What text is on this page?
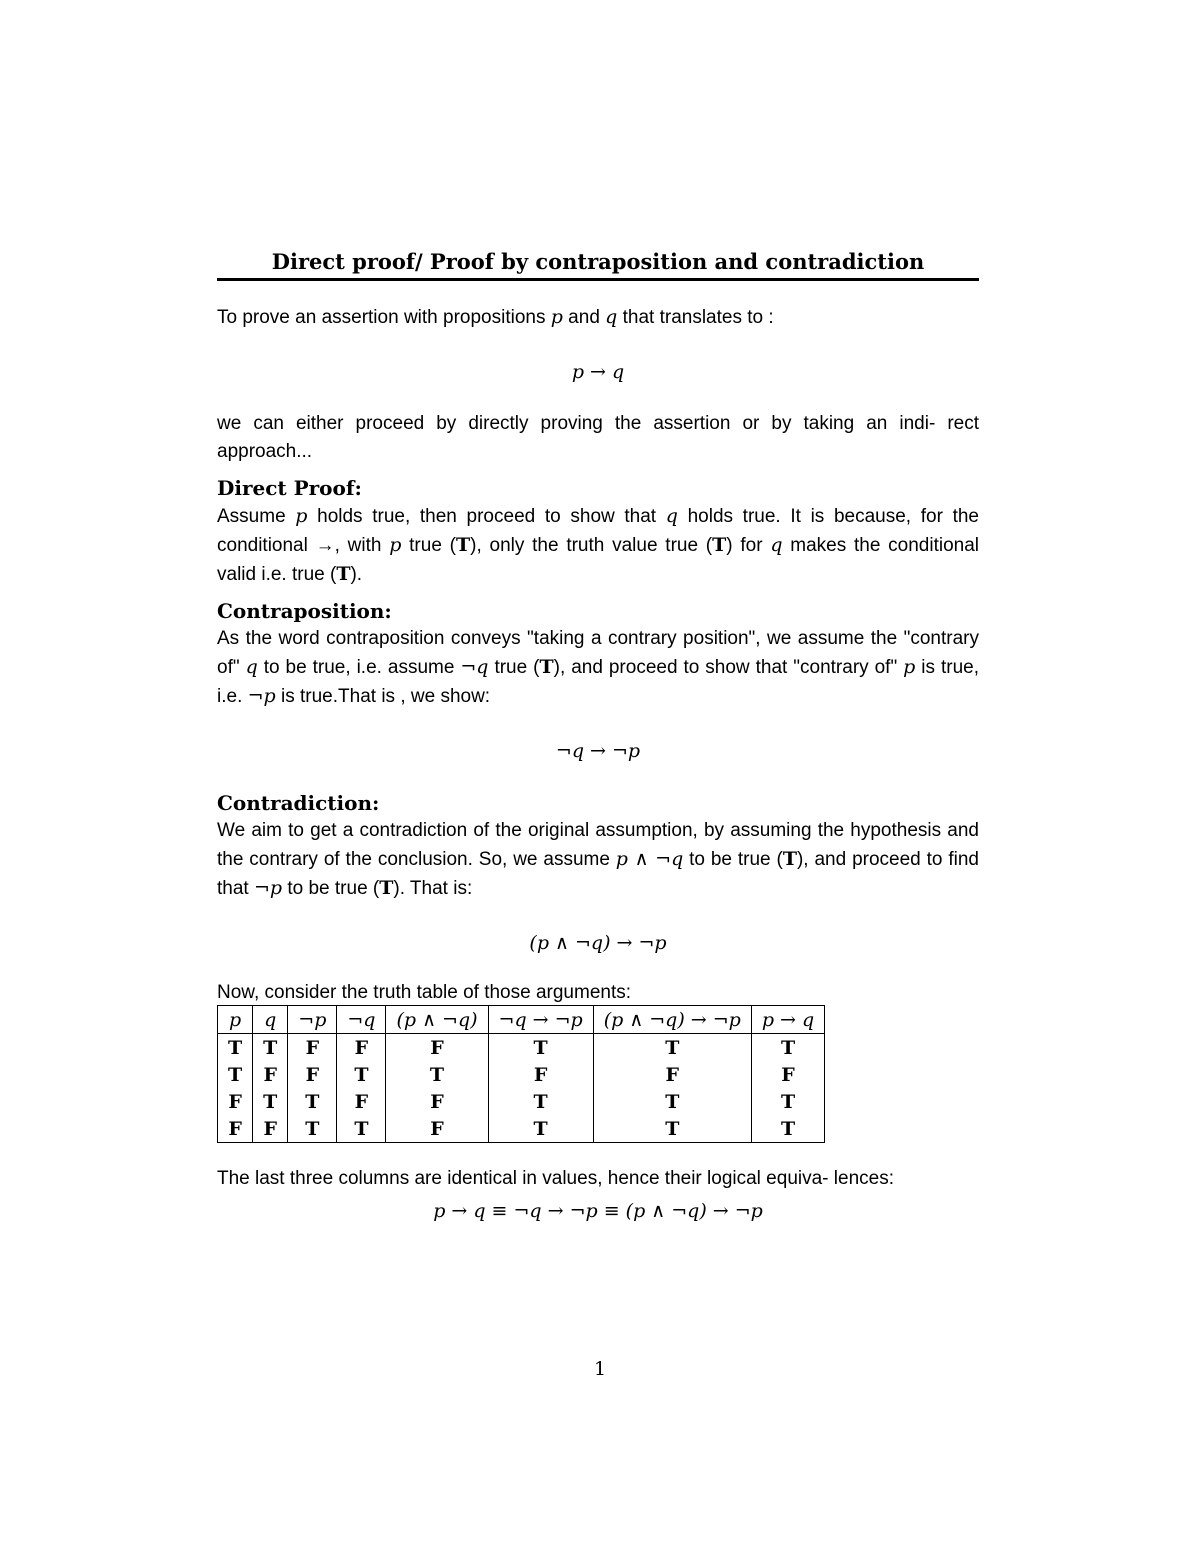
Direct proof/ Proof by contraposition and contradiction

To prove an assertion with propositions p and q that translates to :

p → q

we can either proceed by directly proving the assertion or by taking an indi- rect approach...

Direct Proof:

Assume p holds true, then proceed to show that q holds true. It is because, for the conditional →, with p true (T), only the truth value true (T) for q makes the conditional valid i.e. true (T).

Contraposition:

As the word contraposition conveys "taking a contrary position", we assume the "contrary of" q to be true, i.e. assume ¬q true (T), and proceed to show that "contrary of" p is true, i.e. ¬p is true.That is , we show:

¬q → ¬p
Contradiction:

We aim to get a contradiction of the original assumption, by assuming the hypothesis and the contrary of the conclusion. So, we assume p ∧ ¬q to be true (T), and proceed to find that ¬p to be true (T). That is:

(p ∧ ¬q) → ¬p

Now, consider the truth table of those arguments:

p	q	¬p	¬q	(p ∧ ¬q)	¬q → ¬p	(p ∧ ¬q) → ¬p	p → q
T	T	F	F	F	T	T	T
T	F	F	T	T	F	F	F
F	T	T	F	F	T	T	T
F	F	T	T	F	T	T	T

The last three columns are identical in values, hence their logical equiva- lences:

p → q ≡ ¬q → ¬p ≡ (p ∧ ¬q) → ¬p
1
